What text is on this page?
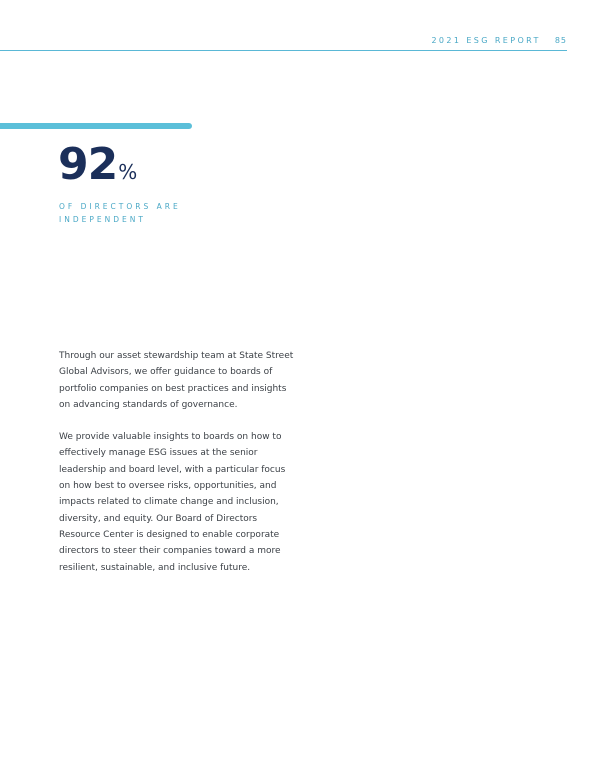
2021 ESG REPORT 85
92%
OF DIRECTORS ARE INDEPENDENT

Through our asset stewardship team at State Street Global Advisors, we offer guidance to boards of portfolio companies on best practices and insights on advancing standards of governance.

We provide valuable insights to boards on how to effectively manage ESG issues at the senior leadership and board level, with a particular focus on how best to oversee risks, opportunities, and impacts related to climate change and inclusion, diversity, and equity. Our Board of Directors Resource Center is designed to enable corporate directors to steer their companies toward a more resilient, sustainable, and inclusive future.
